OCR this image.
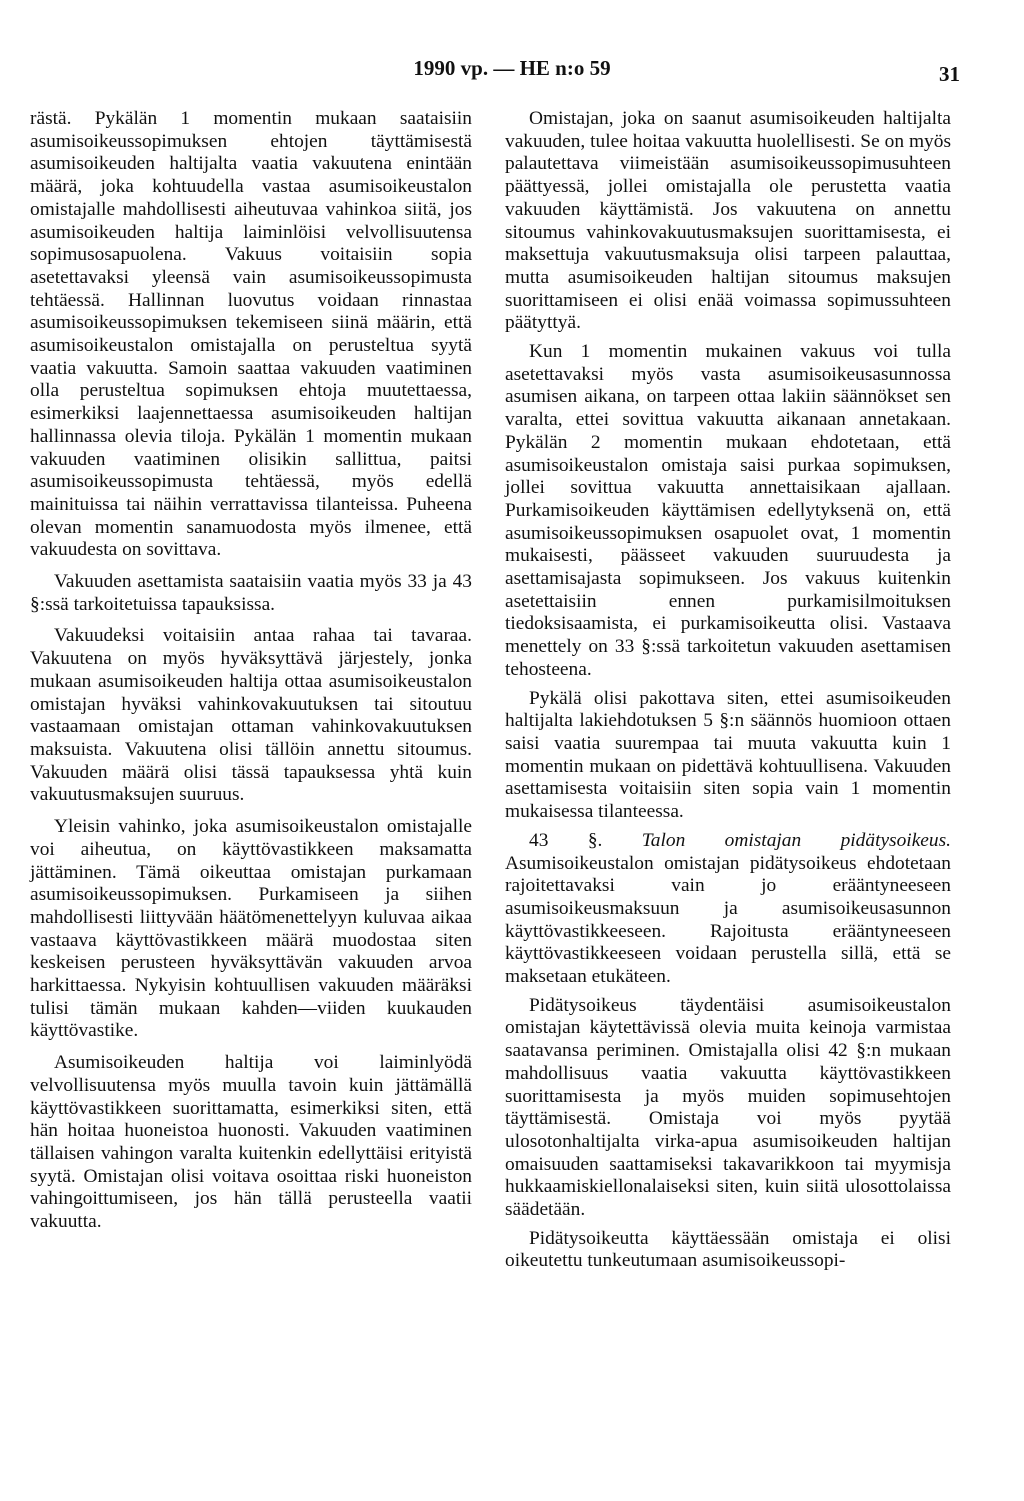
1990 vp. — HE n:o 59	31

rästä. Pykälän 1 momentin mukaan saataisiin asumisoikeussopimuksen ehtojen täyttämisestä asumisoikeuden haltijalta vaatia vakuutena enintään määrä, joka kohtuudella vastaa asumisoikeustalon omistajalle mahdollisesti aiheutuvaa vahinkoa siitä, jos asumisoikeuden haltija laiminlöisi velvollisuutensa sopimusosapuolena. Vakuus voitaisiin sopia asetettavaksi yleensä vain asumisoikeussopimusta tehtäessä. Hallinnan luovutus voidaan rinnastaa asumisoikeussopimuksen tekemiseen siinä määrin, että asumisoikeustalon omistajalla on perusteltua syytä vaatia vakuutta. Samoin saattaa vakuuden vaatiminen olla perusteltua sopimuksen ehtoja muutettaessa, esimerkiksi laajennettaessa asumisoikeuden haltijan hallinnassa olevia tiloja. Pykälän 1 momentin mukaan vakuuden vaatiminen olisikin sallittua, paitsi asumisoikeussopimusta tehtäessä, myös edellä mainituissa tai näihin verrattavissa tilanteissa. Puheena olevan momentin sanamuodosta myös ilmenee, että vakuudesta on sovittava.

Vakuuden asettamista saataisiin vaatia myös 33 ja 43 §:ssä tarkoitetuissa tapauksissa.

Vakuudeksi voitaisiin antaa rahaa tai tavaraa. Vakuutena on myös hyväksyttävä järjestely, jonka mukaan asumisoikeuden haltija ottaa asumisoikeustalon omistajan hyväksi vahinkovakuutuksen tai sitoutuu vastaamaan omistajan ottaman vahinkovakuutuksen maksuista. Vakuutena olisi tällöin annettu sitoumus. Vakuuden määrä olisi tässä tapauksessa yhtä kuin vakuutusmaksujen suuruus.

Yleisin vahinko, joka asumisoikeustalon omistajalle voi aiheutua, on käyttövastikkeen maksamatta jättäminen. Tämä oikeuttaa omistajan purkamaan asumisoikeussopimuksen. Purkamiseen ja siihen mahdollisesti liittyvään häätömenettelyyn kuluvaa aikaa vastaava käyttövastikkeen määrä muodostaa siten keskeisen perusteen hyväksyttävän vakuuden arvoa harkittaessa. Nykyisin kohtuullisen vakuuden määräksi tulisi tämän mukaan kahden—viiden kuukauden käyttövastike.

Asumisoikeuden haltija voi laiminlyödä velvollisuutensa myös muulla tavoin kuin jättämällä käyttövastikkeen suorittamatta, esimerkiksi siten, että hän hoitaa huoneistoa huonosti. Vakuuden vaatiminen tällaisen vahingon varalta kuitenkin edellyttäisi erityistä syytä. Omistajan olisi voitava osoittaa riski huoneiston vahingoittumiseen, jos hän tällä perusteella vaatii vakuutta.

Omistajan, joka on saanut asumisoikeuden haltijalta vakuuden, tulee hoitaa vakuutta huolellisesti. Se on myös palautettava viimeistään asumisoikeussopimusuhteen päättyessä, jollei omistajalla ole perustetta vaatia vakuuden käyttämistä. Jos vakuutena on annettu sitoumus vahinkovakuutusmaksujen suorittamisesta, ei maksettuja vakuutusmaksuja olisi tarpeen palauttaa, mutta asumisoikeuden haltijan sitoumus maksujen suorittamiseen ei olisi enää voimassa sopimussuhteen päätyttyä.

Kun 1 momentin mukainen vakuus voi tulla asetettavaksi myös vasta asumisoikeusasunnossa asumisen aikana, on tarpeen ottaa lakiin säännökset sen varalta, ettei sovittua vakuutta aikanaan annetakaan. Pykälän 2 momentin mukaan ehdotetaan, että asumisoikeustalon omistaja saisi purkaa sopimuksen, jollei sovittua vakuutta annettaisikaan ajallaan. Purkamisoikeuden käyttämisen edellytyksenä on, että asumisoikeussopimuksen osapuolet ovat, 1 momentin mukaisesti, päässeet vakuuden suuruudesta ja asettamisajasta sopimukseen. Jos vakuus kuitenkin asetettaisiin ennen purkamisilmoituksen tiedoksisaamista, ei purkamisoikeutta olisi. Vastaava menettely on 33 §:ssä tarkoitetun vakuuden asettamisen tehosteena.

Pykälä olisi pakottava siten, ettei asumisoikeuden haltijalta lakiehdotuksen 5 §:n säännös huomioon ottaen saisi vaatia suurempaa tai muuta vakuutta kuin 1 momentin mukaan on pidettävä kohtuullisena. Vakuuden asettamisesta voitaisiin siten sopia vain 1 momentin mukaisessa tilanteessa.

43 §. Talon omistajan pidätysoikeus. Asumisoikeustalon omistajan pidätysoikeus ehdotetaan rajoitettavaksi vain jo erääntyneeseen asumisoikeusmaksuun ja asumisoikeusasunnon käyttövastikkeeseen. Rajoitusta erääntyneeseen käyttövastikkeeseen voidaan perustella sillä, että se maksetaan etukäteen.

Pidätysoikeus täydentäisi asumisoikeustalon omistajan käytettävissä olevia muita keinoja varmistaa saatavansa periminen. Omistajalla olisi 42 §:n mukaan mahdollisuus vaatia vakuutta käyttövastikkeen suorittamisesta ja myös muiden sopimusehtojen täyttämisestä. Omistaja voi myös pyytää ulosotonhaltijalta virka-apua asumisoikeuden haltijan omaisuuden saattamiseksi takavarikkoon tai myymisja hukkaamiskiellonalaiseksi siten, kuin siitä ulosottolaissa säädetään.

Pidätysoikeutta käyttäessään omistaja ei olisi oikeutettu tunkeutumaan asumisoikeussopi-
